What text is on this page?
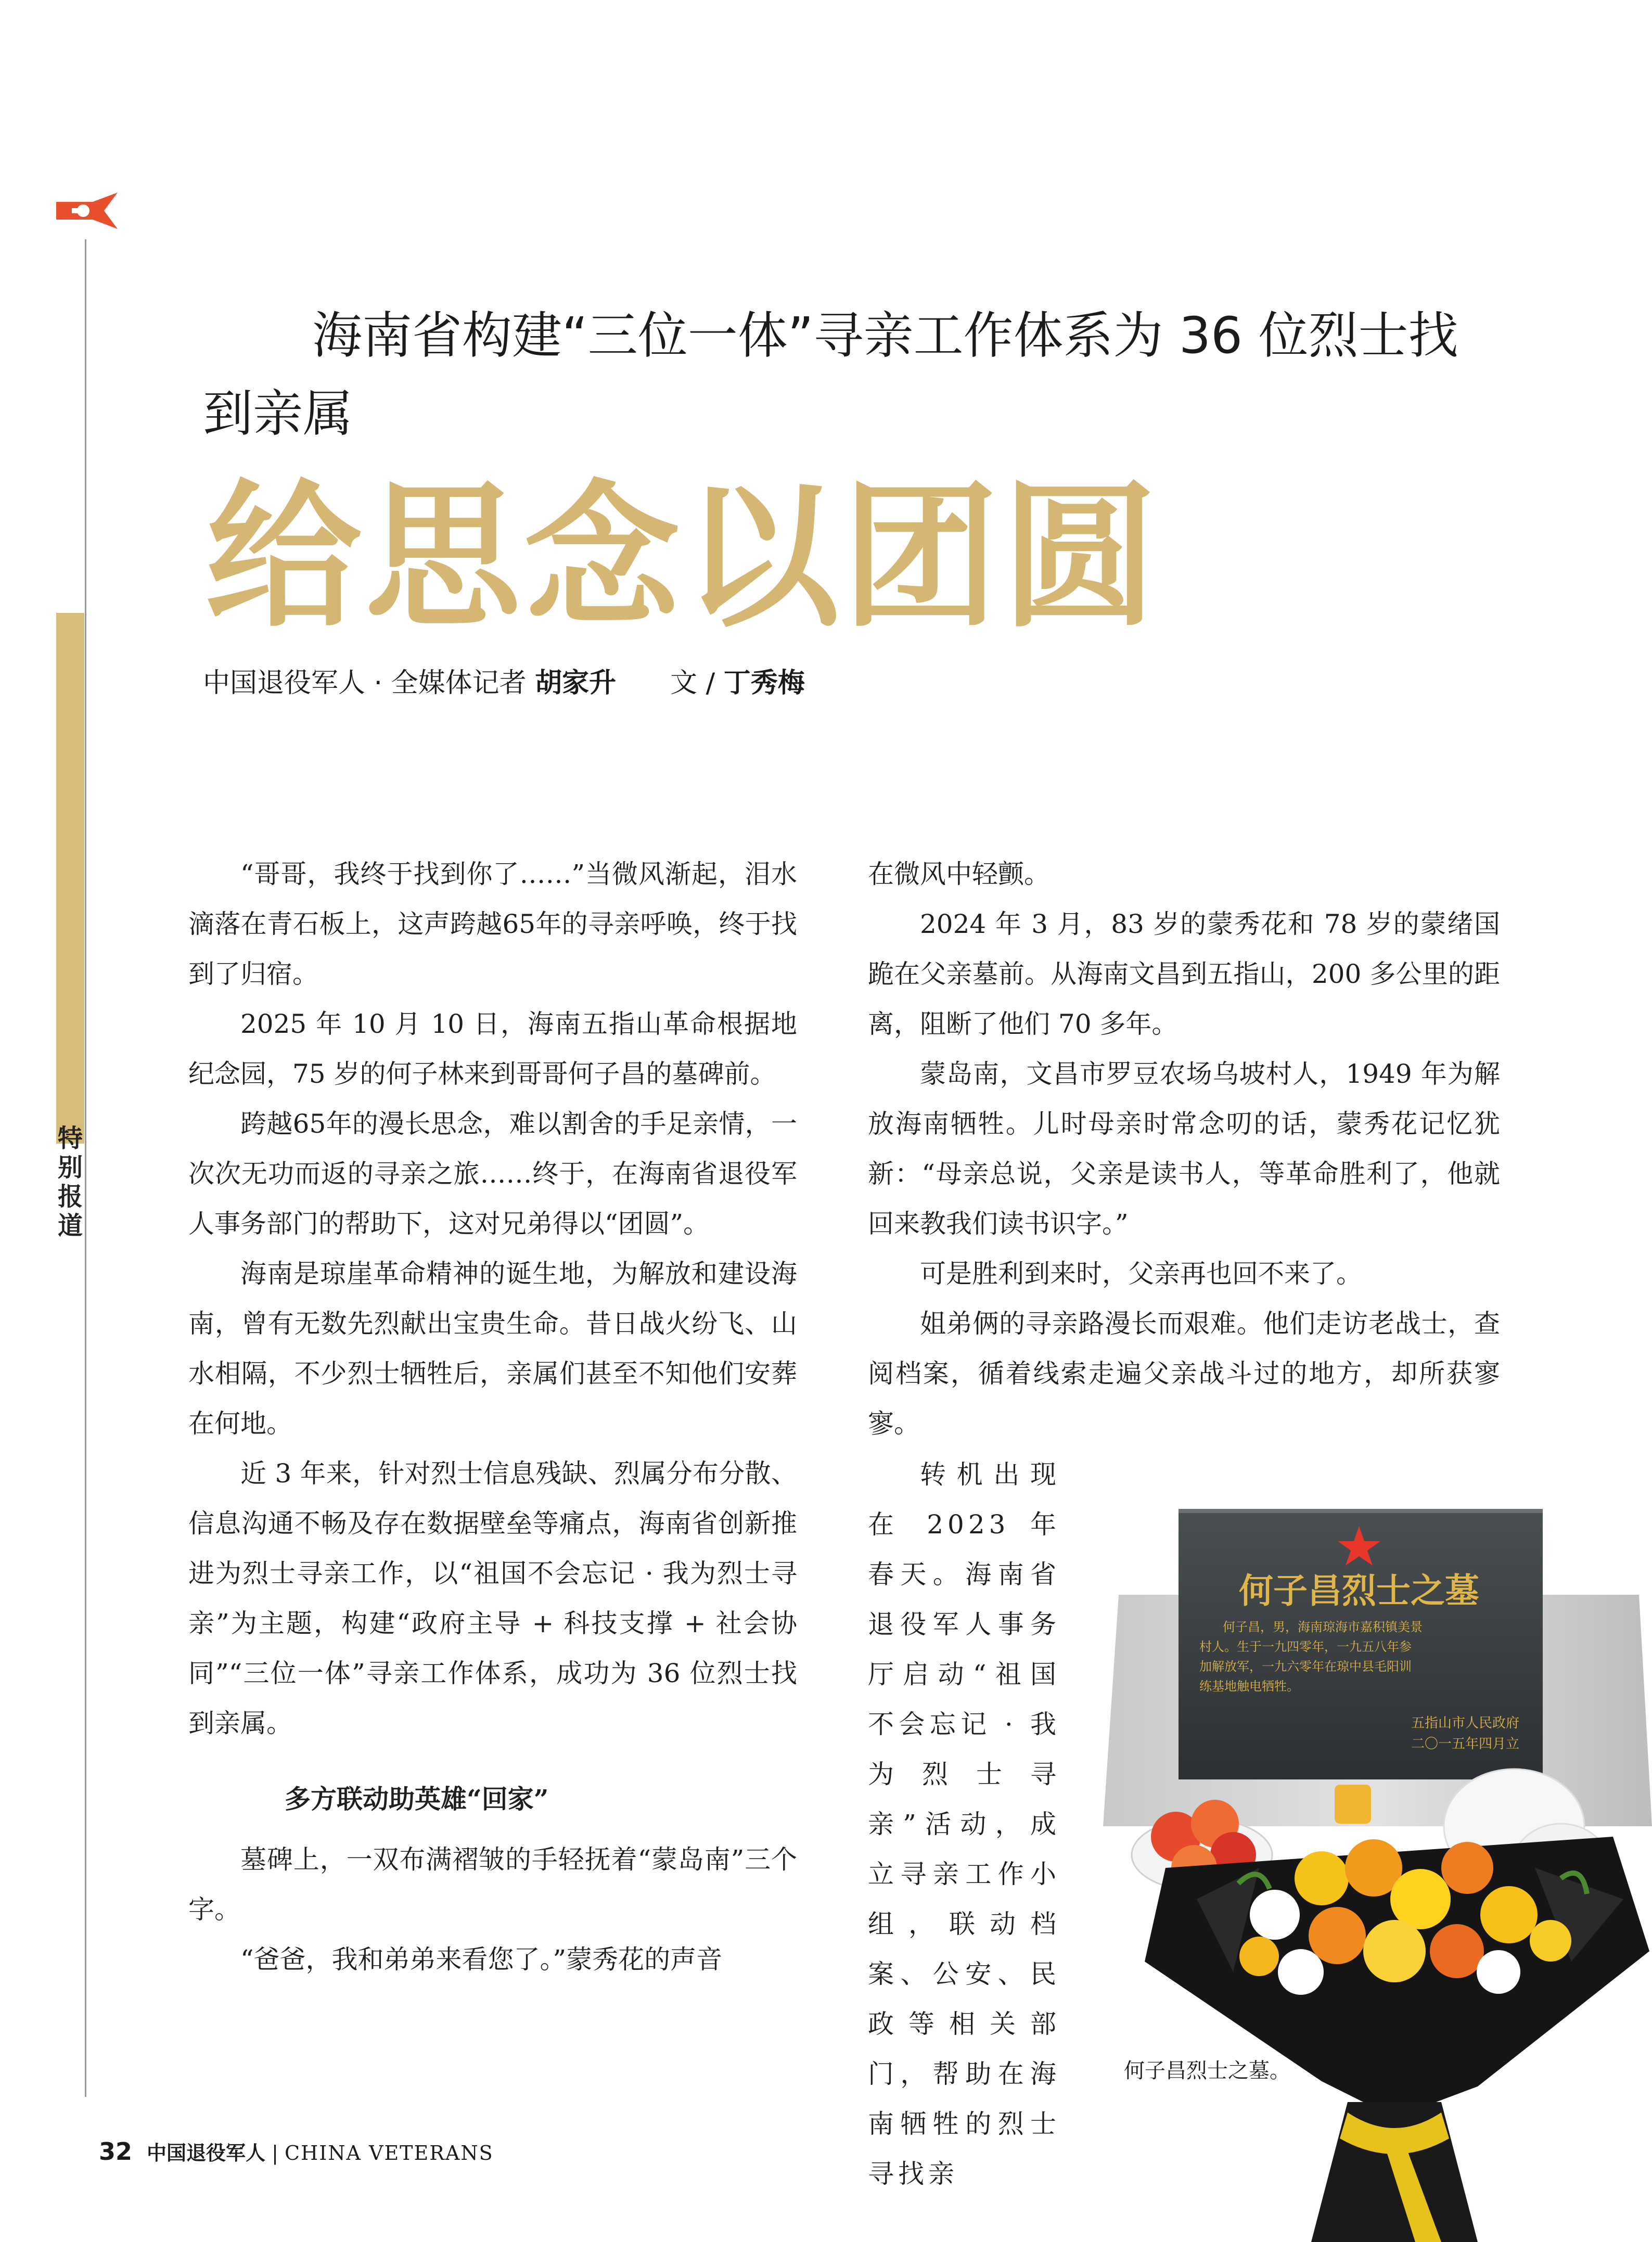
特
别
报
道
海南省构建“三位一体”寻亲工作体系为 36 位烈士找到亲属
给思念以团圆
中国退役军人 · 全媒体记者 胡家升　　文 / 丁秀梅

“哥哥，我终于找到你了……”当微风渐起，泪水滴落在青石板上，这声跨越65年的寻亲呼唤，终于找到了归宿。

2025 年 10 月 10 日，海南五指山革命根据地纪念园，75 岁的何子林来到哥哥何子昌的墓碑前。

跨越65年的漫长思念，难以割舍的手足亲情，一次次无功而返的寻亲之旅……终于，在海南省退役军人事务部门的帮助下，这对兄弟得以“团圆”。

海南是琼崖革命精神的诞生地，为解放和建设海南，曾有无数先烈献出宝贵生命。昔日战火纷飞、山水相隔，不少烈士牺牲后，亲属们甚至不知他们安葬在何地。

近 3 年来，针对烈士信息残缺、烈属分布分散、信息沟通不畅及存在数据壁垒等痛点，海南省创新推进为烈士寻亲工作，以“祖国不会忘记 · 我为烈士寻亲”为主题，构建“政府主导 + 科技支撑 + 社会协同”“三位一体”寻亲工作体系，成功为 36 位烈士找到亲属。

多方联动助英雄“回家”

墓碑上，一双布满褶皱的手轻抚着“蒙岛南”三个字。

“爸爸，我和弟弟来看您了。”蒙秀花的声音

在微风中轻颤。

2024 年 3 月，83 岁的蒙秀花和 78 岁的蒙绪国跪在父亲墓前。从海南文昌到五指山，200 多公里的距离，阻断了他们 70 多年。

蒙岛南，文昌市罗豆农场乌坡村人，1949 年为解放海南牺牲。儿时母亲时常念叨的话，蒙秀花记忆犹新：“母亲总说，父亲是读书人，等革命胜利了，他就回来教我们读书识字。”

可是胜利到来时，父亲再也回不来了。

姐弟俩的寻亲路漫长而艰难。他们走访老战士，查阅档案，循着线索走遍父亲战斗过的地方，却所获寥寥。

转机出现在 2023 年春天。海南省退役军人事务厅启动“祖国不会忘记 · 我为烈士寻亲”活动，成立寻亲工作小组，联动档案、公安、民政等相关部门，帮助在海南牺牲的烈士寻找亲

何子昌烈士之墓
何子昌，男，海南琼海市嘉积镇美景
村人。生于一九四零年，一九五八年参
加解放军，一九六零年在琼中县毛阳训
练基地触电牺牲。
五指山市人民政府
二〇一五年四月立
何子昌烈士之墓。
32 中国退役军人 | CHINA VETERANS
